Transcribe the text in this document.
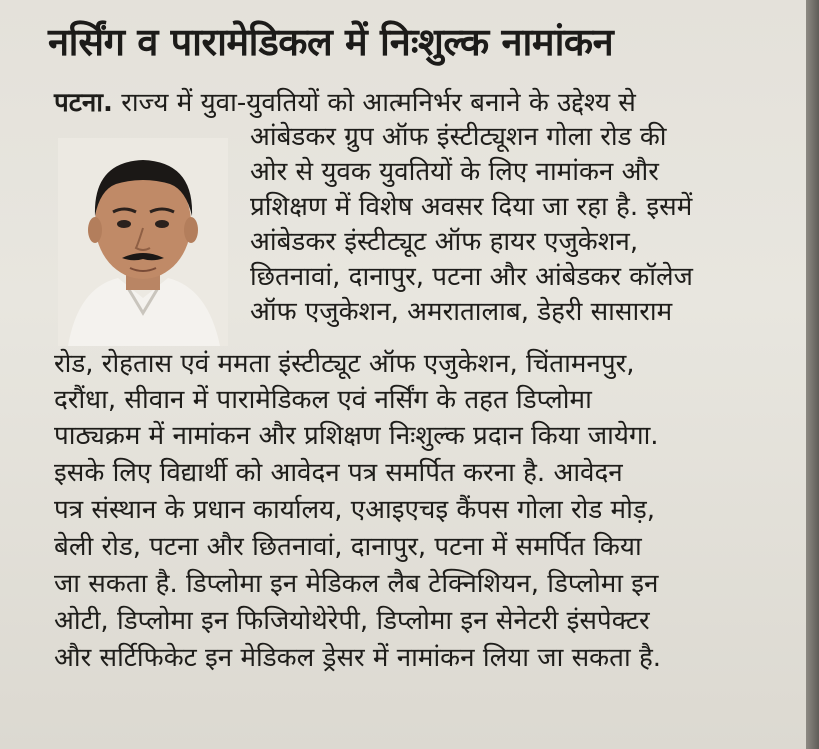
नर्सिंग व पारामेडिकल में निःशुल्क नामांकन
पटना. राज्य में युवा-युवतियों को आत्मनिर्भर बनाने के उद्देश्य से
आंबेडकर ग्रुप ऑफ इंस्टीट्यूशन गोला रोड की
ओर से युवक युवतियों के लिए नामांकन और
प्रशिक्षण में विशेष अवसर दिया जा रहा है. इसमें
आंबेडकर इंस्टीट्यूट ऑफ हायर एजुकेशन,
छितनावां, दानापुर, पटना और आंबेडकर कॉलेज
ऑफ एजुकेशन, अमरातालाब, डेहरी सासाराम
रोड, रोहतास एवं ममता इंस्टीट्यूट ऑफ एजुकेशन, चिंतामनपुर,
दरौंधा, सीवान में पारामेडिकल एवं नर्सिंग के तहत डिप्लोमा
पाठ्यक्रम में नामांकन और प्रशिक्षण निःशुल्क प्रदान किया जायेगा.
इसके लिए विद्यार्थी को आवेदन पत्र समर्पित करना है. आवेदन
पत्र संस्थान के प्रधान कार्यालय, एआइएचइ कैंपस गोला रोड मोड़,
बेली रोड, पटना और छितनावां, दानापुर, पटना में समर्पित किया
जा सकता है. डिप्लोमा इन मेडिकल लैब टेक्निशियन, डिप्लोमा इन
ओटी, डिप्लोमा इन फिजियोथेरेपी, डिप्लोमा इन सेनेटरी इंसपेक्टर
और सर्टिफिकेट इन मेडिकल ड्रेसर में नामांकन लिया जा सकता है.
